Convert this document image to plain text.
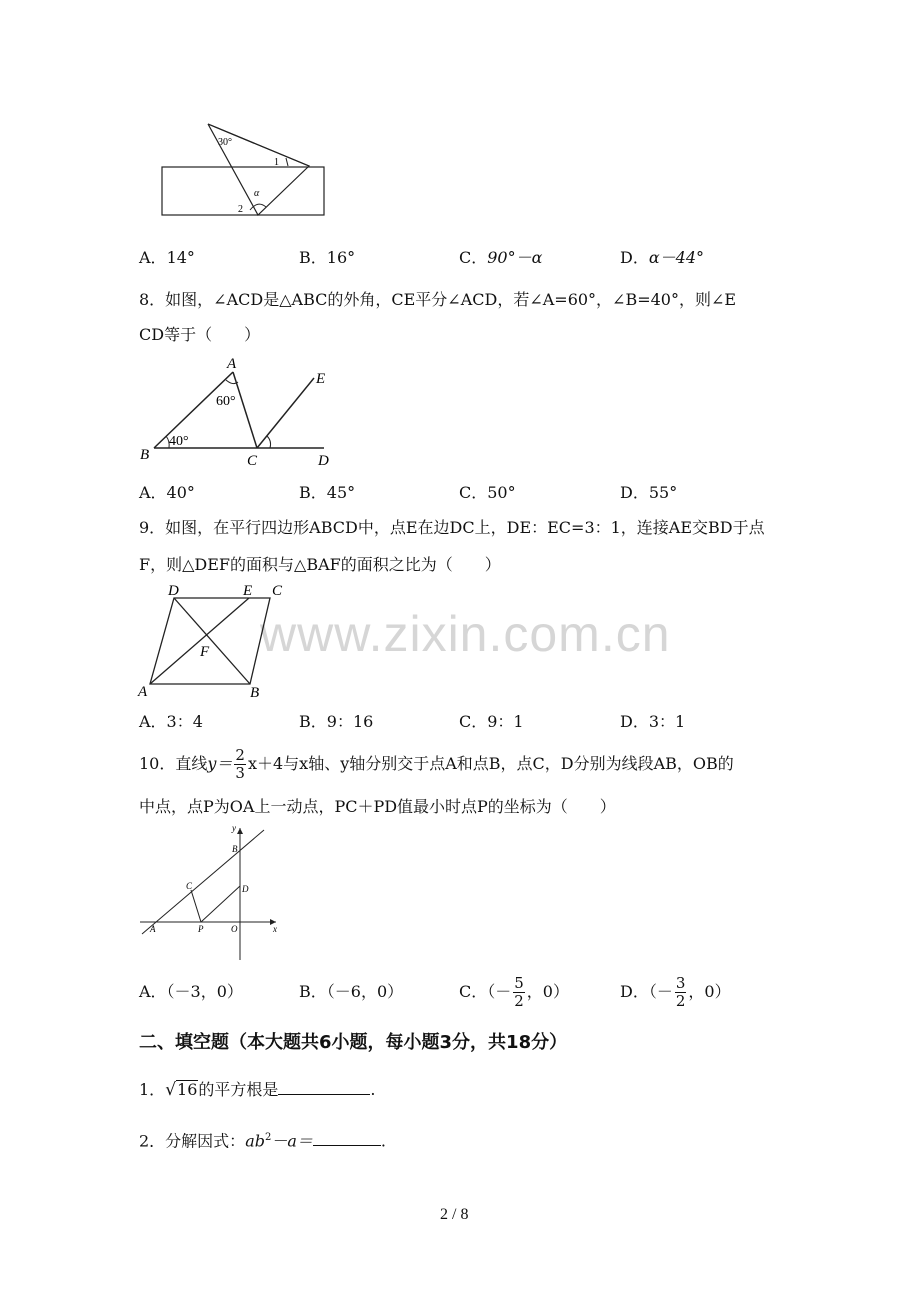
30°
1
α
2
A．14°	B．16°	C．90°－α	D．α－44°
8．如图，∠ACD是△ABC的外角，CE平分∠ACD，若∠A=60°，∠B=40°，则∠E
CD等于（　　）
A
B	C	D
E
60°
40°
A．40°	B．45°	C．50°	D．55°
9．如图，在平行四边形ABCD中，点E在边DC上，DE：EC=3：1，连接AE交BD于点
F，则△DEF的面积与△BAF的面积之比为（　　）
www.zixin.com.cn
D	E C
F
A	B
A．3：4	B．9：16	C．9：1	D．3：1
10．直线$y= \frac{2}{3} x+4$与x轴、y轴分别交于点A和点B，点C，D分别为线段AB，OB的
中点，点P为OA上一动点，PC＋PD值最小时点P的坐标为（　　）
y
B
C	D
A	P	O	x
A．（－3，0）	B．（－6，0）	C．（－ $\frac{5}{2}$ ，0）	D．（－ $\frac{3}{2}$ ，0）
二、填空题（本大题共6小题，每小题3分，共18分）
1．√16的平方根是	.
2．分解因式：$ab^2-a=$	.
2 / 8
